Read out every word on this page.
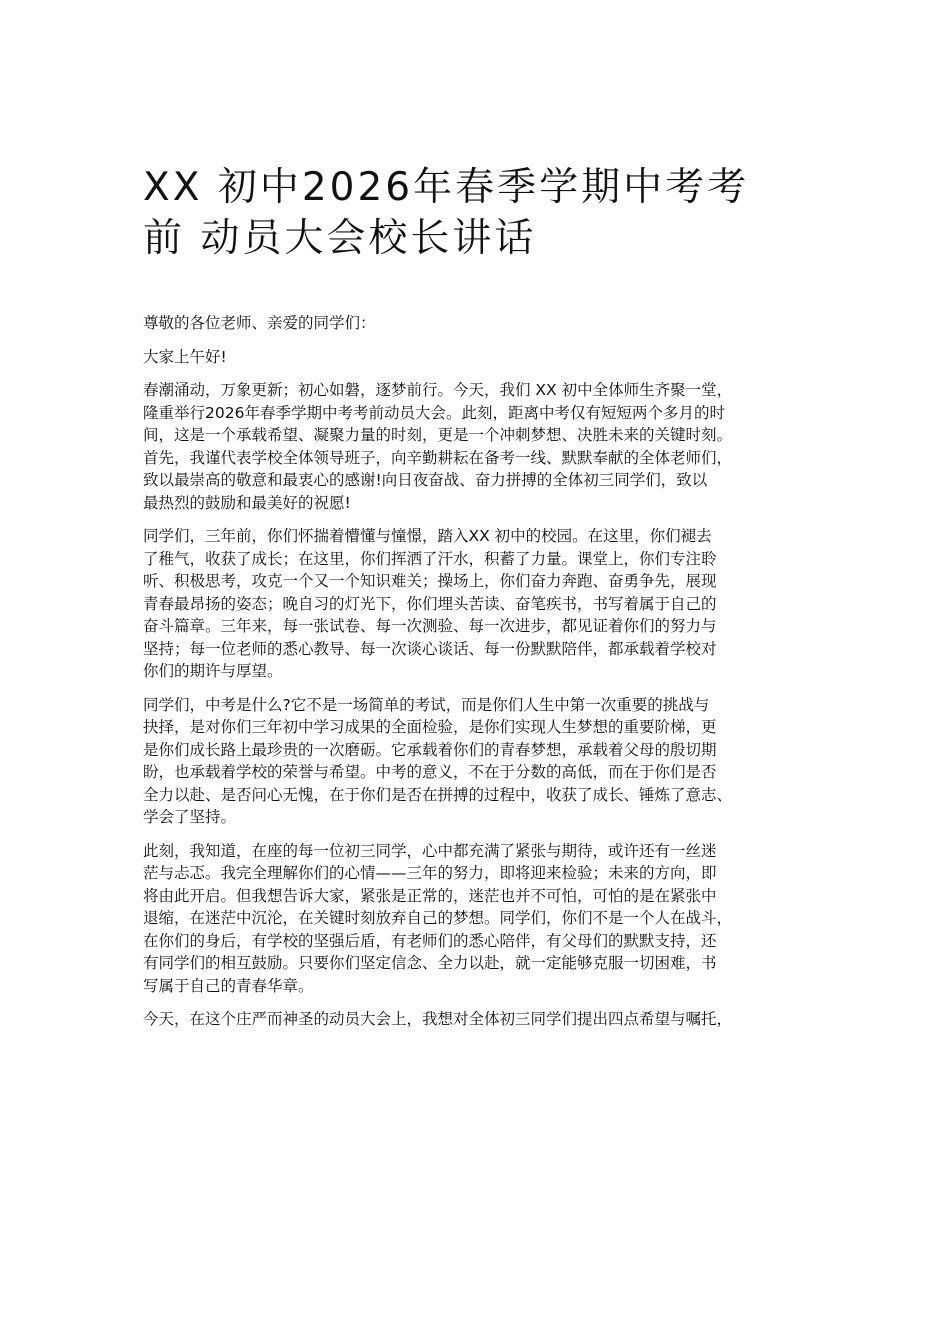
XX 初中2026年春季学期中考考
前 动员大会校长讲话

尊敬的各位老师、亲爱的同学们：

大家上午好!

春潮涌动，万象更新；初心如磐，逐梦前行。今天，我们 XX 初中全体师生齐聚一堂，
隆重举行2026年春季学期中考考前动员大会。此刻，距离中考仅有短短两个多月的时
间，这是一个承载希望、凝聚力量的时刻，更是一个冲刺梦想、决胜未来的关键时刻。
首先，我谨代表学校全体领导班子，向辛勤耕耘在备考一线、默默奉献的全体老师们，
致以最崇高的敬意和最衷心的感谢!向日夜奋战、奋力拼搏的全体初三同学们，致以
最热烈的鼓励和最美好的祝愿!

同学们，三年前，你们怀揣着懵懂与憧憬，踏入XX 初中的校园。在这里，你们褪去
了稚气，收获了成长；在这里，你们挥洒了汗水，积蓄了力量。课堂上，你们专注聆
听、积极思考，攻克一个又一个知识难关；操场上，你们奋力奔跑、奋勇争先，展现
青春最昂扬的姿态；晚自习的灯光下，你们埋头苦读、奋笔疾书，书写着属于自己的
奋斗篇章。三年来，每一张试卷、每一次测验、每一次进步，都见证着你们的努力与
坚持；每一位老师的悉心教导、每一次谈心谈话、每一份默默陪伴，都承载着学校对
你们的期许与厚望。

同学们，中考是什么?它不是一场简单的考试，而是你们人生中第一次重要的挑战与
抉择，是对你们三年初中学习成果的全面检验，是你们实现人生梦想的重要阶梯，更
是你们成长路上最珍贵的一次磨砺。它承载着你们的青春梦想，承载着父母的殷切期
盼，也承载着学校的荣誉与希望。中考的意义，不在于分数的高低，而在于你们是否
全力以赴、是否问心无愧，在于你们是否在拼搏的过程中，收获了成长、锤炼了意志、
学会了坚持。

此刻，我知道，在座的每一位初三同学，心中都充满了紧张与期待，或许还有一丝迷
茫与忐忑。我完全理解你们的心情——三年的努力，即将迎来检验；未来的方向，即
将由此开启。但我想告诉大家，紧张是正常的，迷茫也并不可怕，可怕的是在紧张中
退缩，在迷茫中沉沦，在关键时刻放弃自己的梦想。同学们，你们不是一个人在战斗，
在你们的身后，有学校的坚强后盾，有老师们的悉心陪伴，有父母们的默默支持，还
有同学们的相互鼓励。只要你们坚定信念、全力以赴，就一定能够克服一切困难，书
写属于自己的青春华章。

今天，在这个庄严而神圣的动员大会上，我想对全体初三同学们提出四点希望与嘱托，
